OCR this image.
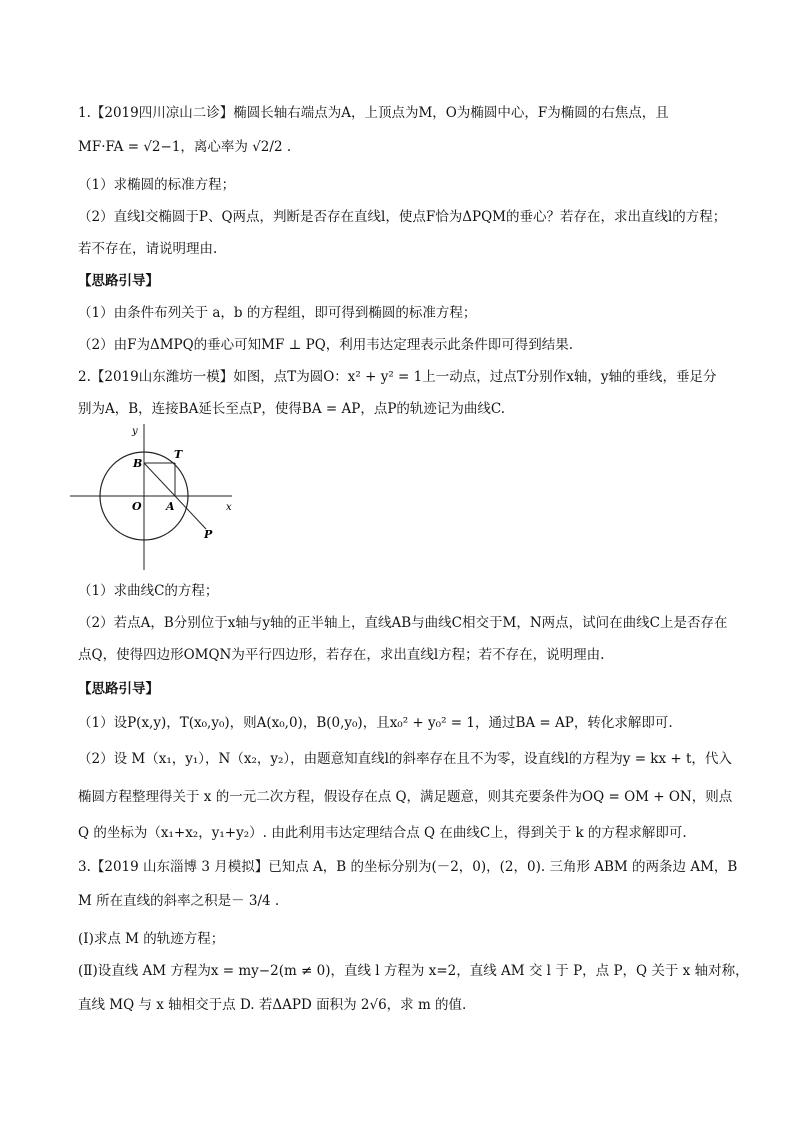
1.【2019四川凉山二诊】椭圆长轴右端点为A，上顶点为M，O为椭圆中心，F为椭圆的右焦点，且
MF·FA = √2−1，离心率为 √2/2 .
（1）求椭圆的标准方程；
（2）直线l交椭圆于P、Q两点，判断是否存在直线l，使点F恰为ΔPQM的垂心？若存在，求出直线l的方程；
若不存在，请说明理由.
【思路引导】
（1）由条件布列关于 a，b 的方程组，即可得到椭圆的标准方程；
（2）由F为ΔMPQ的垂心可知MF ⊥ PQ，利用韦达定理表示此条件即可得到结果.
2.【2019山东潍坊一模】如图，点T为圆O：x² + y² = 1上一动点，过点T分别作x轴，y轴的垂线，垂足分
别为A，B，连接BA延长至点P，使得BA = AP，点P的轨迹记为曲线C.
y
x
B
T
O A
P
（1）求曲线C的方程；
（2）若点A，B分别位于x轴与y轴的正半轴上，直线AB与曲线C相交于M，N两点，试问在曲线C上是否存在
点Q，使得四边形OMQN为平行四边形，若存在，求出直线l方程；若不存在，说明理由.
【思路引导】
（1）设P(x,y)，T(x₀,y₀)，则A(x₀,0)，B(0,y₀)，且x₀² + y₀² = 1，通过BA = AP，转化求解即可.
（2）设 M（x₁，y₁），N（x₂，y₂），由题意知直线l的斜率存在且不为零，设直线l的方程为y = kx + t，代入
椭圆方程整理得关于 x 的一元二次方程，假设存在点 Q，满足题意，则其充要条件为OQ = OM + ON，则点
Q 的坐标为（x₁+x₂，y₁+y₂）. 由此利用韦达定理结合点 Q 在曲线C上，得到关于 k 的方程求解即可.
3.【2019 山东淄博 3 月模拟】已知点 A，B 的坐标分别为(－2，0)，(2，0). 三角形 ABM 的两条边 AM，B
M 所在直线的斜率之积是－ 3/4 .
(Ⅰ)求点 M 的轨迹方程；
(Ⅱ)设直线 AM 方程为x = my−2(m ≠ 0)，直线 l 方程为 x=2，直线 AM 交 l 于 P，点 P，Q 关于 x 轴对称，
直线 MQ 与 x 轴相交于点 D. 若ΔAPD 面积为 2√6，求 m 的值.
